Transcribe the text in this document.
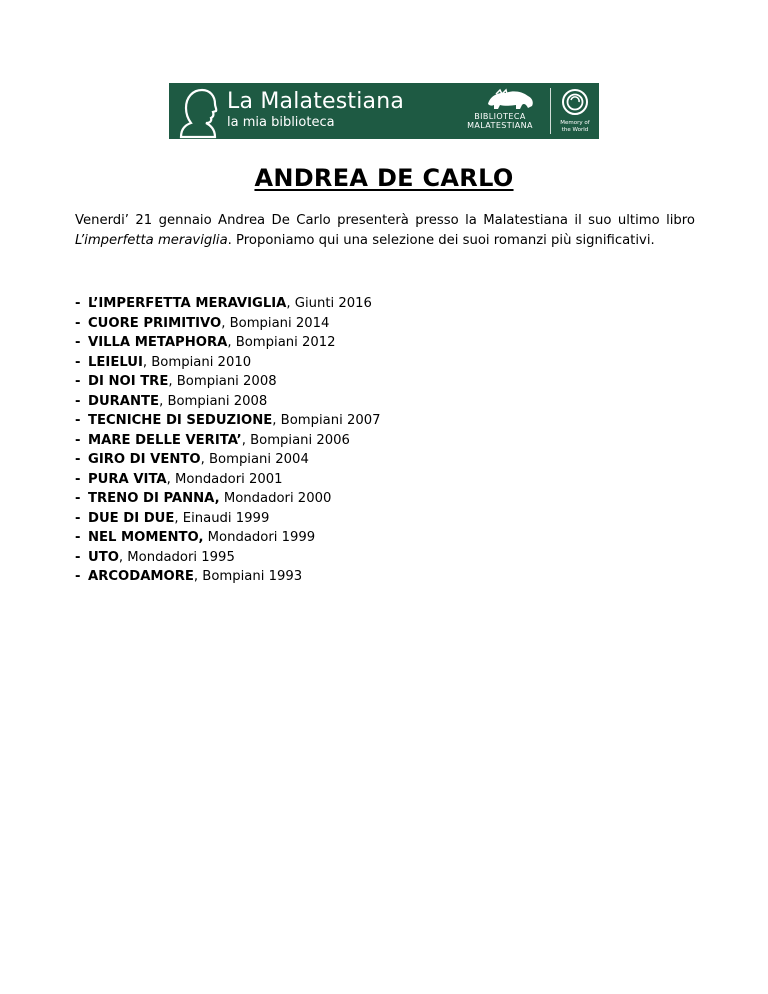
La Malatestiana
la mia biblioteca	BIBLIOTECA
MALATESTIANA	Memory of
the World
ANDREA DE CARLO

Venerdi’ 21 gennaio Andrea De Carlo presenterà presso la Malatestiana il suo ultimo libro L’imperfetta meraviglia. Proponiamo qui una selezione dei suoi romanzi più significativi.

- L’IMPERFETTA MERAVIGLIA, Giunti 2016
- CUORE PRIMITIVO, Bompiani 2014
- VILLA METAPHORA, Bompiani 2012
- LEIELUI, Bompiani 2010
- DI NOI TRE, Bompiani 2008
- DURANTE, Bompiani 2008
- TECNICHE DI SEDUZIONE, Bompiani 2007
- MARE DELLE VERITA’, Bompiani 2006
- GIRO DI VENTO, Bompiani 2004
- PURA VITA, Mondadori 2001
- TRENO DI PANNA, Mondadori 2000
- DUE DI DUE, Einaudi 1999
- NEL MOMENTO, Mondadori 1999
- UTO, Mondadori 1995
- ARCODAMORE, Bompiani 1993
